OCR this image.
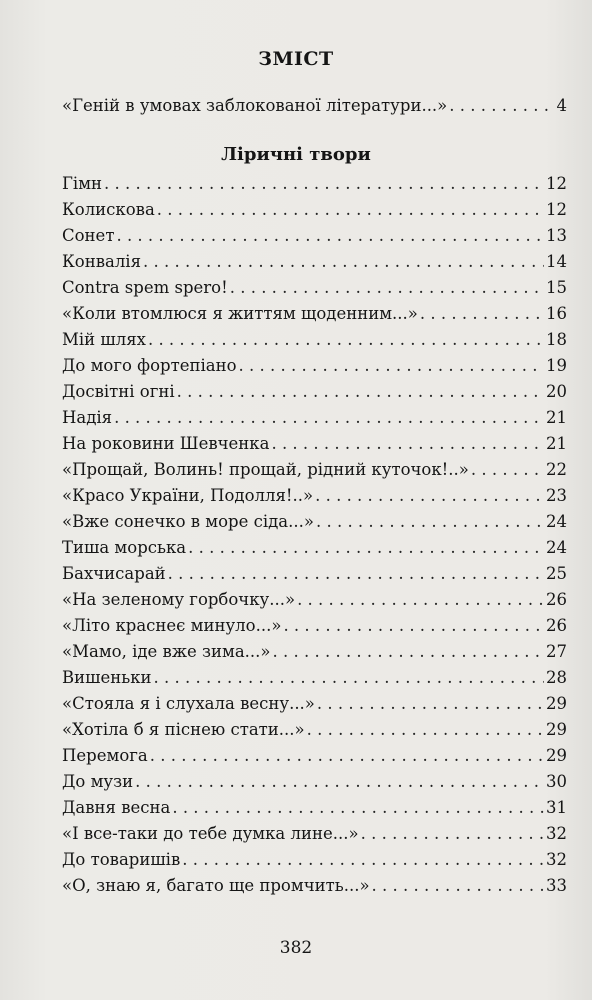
ЗМІСТ
«Геній в умовах заблокованої літератури...» . . .	4
Ліричні твори
Гімн . . .	12
Колискова . . .	12
Сонет . . .	13
Конвалія . . .	14
Contra spem spero! . . .	15
«Коли втомлюся я життям щоденним...» . . .	16
Мій шлях . . .	18
До мого фортепіано . . .	19
Досвітні огні . . .	20
Надія . . .	21
На роковини Шевченка . . .	21
«Прощай, Волинь! прощай, рідний куточок!..» . . .	22
«Красо України, Подолля!..» . . .	23
«Вже сонечко в море сіда...» . . .	24
Тиша морська . . .	24
Бахчисарай . . .	25
«На зеленому горбочку...» . . .	26
«Літо краснеє минуло...» . . .	26
«Мамо, іде вже зима...» . . .	27
Вишеньки . . .	28
«Стояла я і слухала весну...» . . .	29
«Хотіла б я піснею стати...» . . .	29
Перемога . . .	29
До музи . . .	30
Давня весна . . .	31
«І все-таки до тебе думка лине...» . . .	32
До товаришів . . .	32
«О, знаю я, багато ще промчить...» . . .	33
382
